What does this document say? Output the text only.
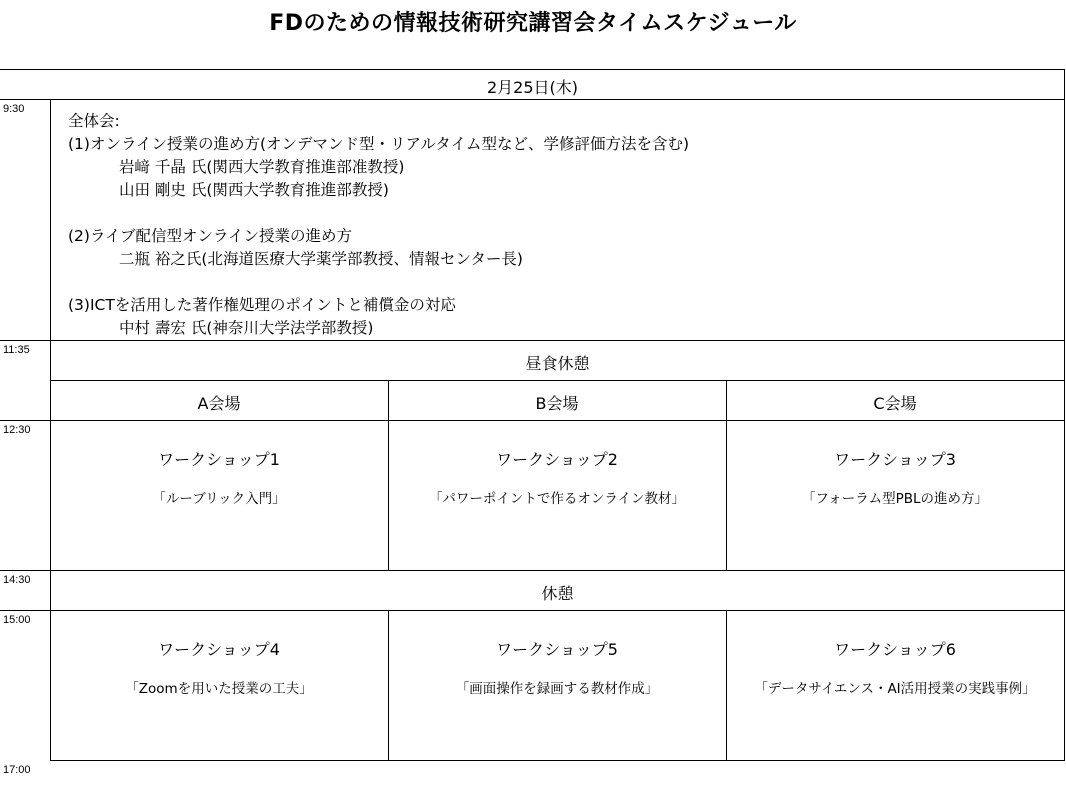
FDのための情報技術研究講習会タイムスケジュール
2月25日(木)
9:30
11:35
12:30
14:30
15:00
17:00
全体会:
(1)オンライン授業の進め方(オンデマンド型・リアルタイム型など、学修評価方法を含む)
岩﨑 千晶 氏(関西大学教育推進部准教授)
山田 剛史 氏(関西大学教育推進部教授)
(2)ライブ配信型オンライン授業の進め方
二瓶 裕之氏(北海道医療大学薬学部教授、情報センター長)
(3)ICTを活用した著作権処理のポイントと補償金の対応
中村 壽宏 氏(神奈川大学法学部教授)
昼食休憩
A会場	B会場	C会場
ワークショップ1
「ルーブリック入門」
ワークショップ2
「パワーポイントで作るオンライン教材」
ワークショップ3
「フォーラム型PBLの進め方」
休憩
ワークショップ4
「Zoomを用いた授業の工夫」
ワークショップ5
「画面操作を録画する教材作成」
ワークショップ6
「データサイエンス・AI活用授業の実践事例」
